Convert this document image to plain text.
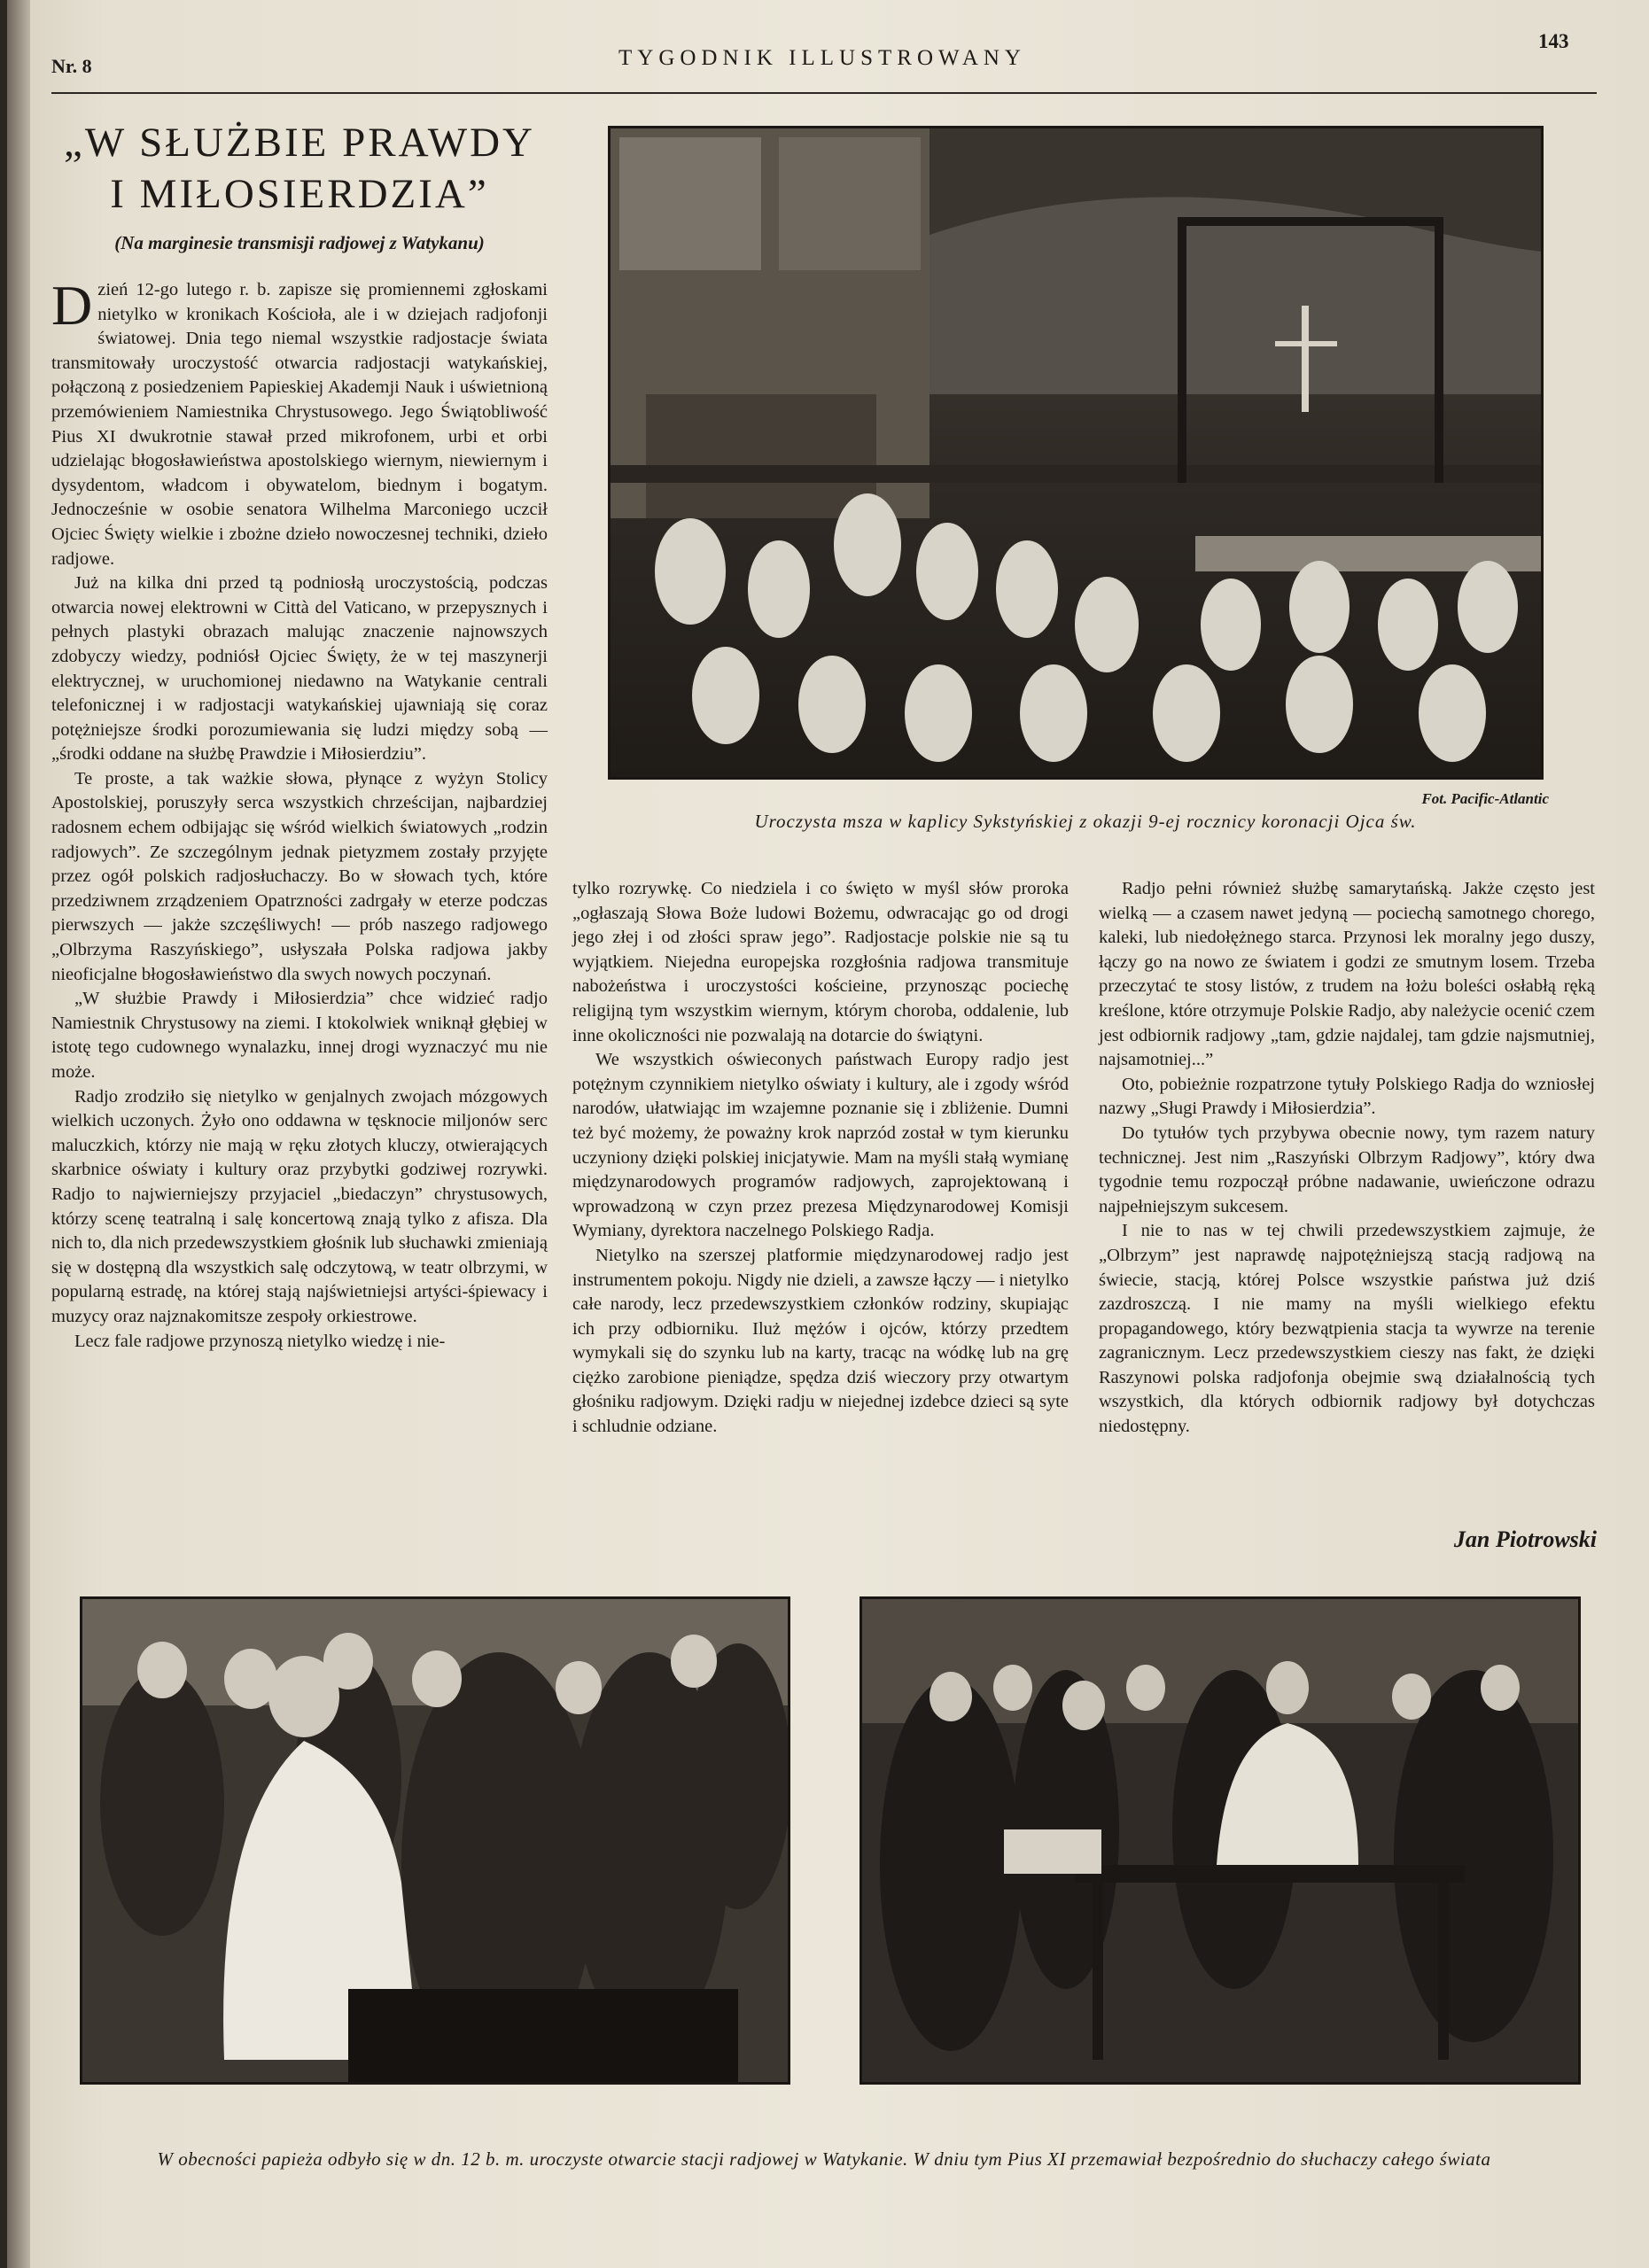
Nr. 8	TYGODNIK ILLUSTROWANY
143
„W SŁUŻBIE PRAWDY
I MIŁOSIERDZIA”
(Na marginesie transmisji radjowej z Watykanu)

Dzień 12-go lutego r. b. zapisze się promiennemi zgłoskami nietylko w kronikach Kościoła, ale i w dziejach radjofonji światowej. Dnia tego niemal wszystkie radjostacje świata transmitowały uroczystość otwarcia radjostacji watykańskiej, połączoną z posiedzeniem Papieskiej Akademji Nauk i uświetnioną przemówieniem Namiestnika Chrystusowego. Jego Świątobliwość Pius XI dwukrotnie stawał przed mikrofonem, urbi et orbi udzielając błogosławieństwa apostolskiego wiernym, niewiernym i dysydentom, władcom i obywatelom, biednym i bogatym. Jednocześnie w osobie senatora Wilhelma Marconiego uczcił Ojciec Święty wielkie i zbożne dzieło nowoczesnej techniki, dzieło radjowe.

Już na kilka dni przed tą podniosłą uroczystością, podczas otwarcia nowej elektrowni w Città del Vaticano, w przepysznych i pełnych plastyki obrazach malując znaczenie najnowszych zdobyczy wiedzy, podniósł Ojciec Święty, że w tej maszynerji elektrycznej, w uruchomionej niedawno na Watykanie centrali telefonicznej i w radjostacji watykańskiej ujawniają się coraz potężniejsze środki porozumiewania się ludzi między sobą — „środki oddane na służbę Prawdzie i Miłosierdziu”.

Te proste, a tak ważkie słowa, płynące z wyżyn Stolicy Apostolskiej, poruszyły serca wszystkich chrześcijan, najbardziej radosnem echem odbijając się wśród wielkich światowych „rodzin radjowych”. Ze szczególnym jednak pietyzmem zostały przyjęte przez ogół polskich radjosłuchaczy. Bo w słowach tych, które przedziwnem zrządzeniem Opatrzności zadrgały w eterze podczas pierwszych — jakże szczęśliwych! — prób naszego radjowego „Olbrzyma Raszyńskiego”, usłyszała Polska radjowa jakby nieoficjalne błogosławieństwo dla swych nowych poczynań.

„W służbie Prawdy i Miłosierdzia” chce widzieć radjo Namiestnik Chrystusowy na ziemi. I ktokolwiek wniknął głębiej w istotę tego cudownego wynalazku, innej drogi wyznaczyć mu nie może.

Radjo zrodziło się nietylko w genjalnych zwojach mózgowych wielkich uczonych. Żyło ono oddawna w tęsknocie miljonów serc maluczkich, którzy nie mają w ręku złotych kluczy, otwierających skarbnice oświaty i kultury oraz przybytki godziwej rozrywki. Radjo to najwierniejszy przyjaciel „biedaczyn” chrystusowych, którzy scenę teatralną i salę koncertową znają tylko z afisza. Dla nich to, dla nich przedewszystkiem głośnik lub słuchawki zmieniają się w dostępną dla wszystkich salę odczytową, w teatr olbrzymi, w popularną estradę, na której stają najświetniejsi artyści-śpiewacy i muzycy oraz najznakomitsze zespoły orkiestrowe.

Lecz fale radjowe przynoszą nietylko wiedzę i nie-

Fot. Pacific-Atlantic
Uroczysta msza w kaplicy Sykstyńskiej z okazji 9-ej rocznicy koronacji Ojca św.

tylko rozrywkę. Co niedziela i co święto w myśl słów proroka „ogłaszają Słowa Boże ludowi Bożemu, odwracając go od drogi jego złej i od złości spraw jego”. Radjostacje polskie nie są tu wyjątkiem. Niejedna europejska rozgłośnia radjowa transmituje nabożeństwa i uroczystości kościeine, przynosząc pociechę religijną tym wszystkim wiernym, którym choroba, oddalenie, lub inne okoliczności nie pozwalają na dotarcie do świątyni.

We wszystkich oświeconych państwach Europy radjo jest potężnym czynnikiem nietylko oświaty i kultury, ale i zgody wśród narodów, ułatwiając im wzajemne poznanie się i zbliżenie. Dumni też być możemy, że poważny krok naprzód został w tym kierunku uczyniony dzięki polskiej inicjatywie. Mam na myśli stałą wymianę międzynarodowych programów radjowych, zaprojektowaną i wprowadzoną w czyn przez prezesa Międzynarodowej Komisji Wymiany, dyrektora naczelnego Polskiego Radja.

Nietylko na szerszej platformie międzynarodowej radjo jest instrumentem pokoju. Nigdy nie dzieli, a zawsze łączy — i nietylko całe narody, lecz przedewszystkiem członków rodziny, skupiając ich przy odbiorniku. Iluż mężów i ojców, którzy przedtem wymykali się do szynku lub na karty, tracąc na wódkę lub na grę ciężko zarobione pieniądze, spędza dziś wieczory przy otwartym głośniku radjowym. Dzięki radju w niejednej izdebce dzieci są syte i schludnie odziane.

Radjo pełni również służbę samarytańską. Jakże często jest wielką — a czasem nawet jedyną — pociechą samotnego chorego, kaleki, lub niedołężnego starca. Przynosi lek moralny jego duszy, łączy go na nowo ze światem i godzi ze smutnym losem. Trzeba przeczytać te stosy listów, z trudem na łożu boleści osłabłą ręką kreślone, które otrzymuje Polskie Radjo, aby należycie ocenić czem jest odbiornik radjowy „tam, gdzie najdalej, tam gdzie najsmutniej, najsamotniej...”

Oto, pobieżnie rozpatrzone tytuły Polskiego Radja do wzniosłej nazwy „Sługi Prawdy i Miłosierdzia”.

Do tytułów tych przybywa obecnie nowy, tym razem natury technicznej. Jest nim „Raszyński Olbrzym Radjowy”, który dwa tygodnie temu rozpoczął próbne nadawanie, uwieńczone odrazu najpełniejszym sukcesem.

I nie to nas w tej chwili przedewszystkiem zajmuje, że „Olbrzym” jest naprawdę najpotężniejszą stacją radjową na świecie, stacją, której Polsce wszystkie państwa już dziś zazdroszczą. I nie mamy na myśli wielkiego efektu propagandowego, który bezwątpienia stacja ta wywrze na terenie zagranicznym. Lecz przedewszystkiem cieszy nas fakt, że dzięki Raszynowi polska radjofonja obejmie swą działalnością tych wszystkich, dla których odbiornik radjowy był dotychczas niedostępny.

Jan Piotrowski
W obecności papieża odbyło się w dn. 12 b. m. uroczyste otwarcie stacji radjowej w Watykanie. W dniu tym Pius XI przemawiał bezpośrednio do słuchaczy całego świata
